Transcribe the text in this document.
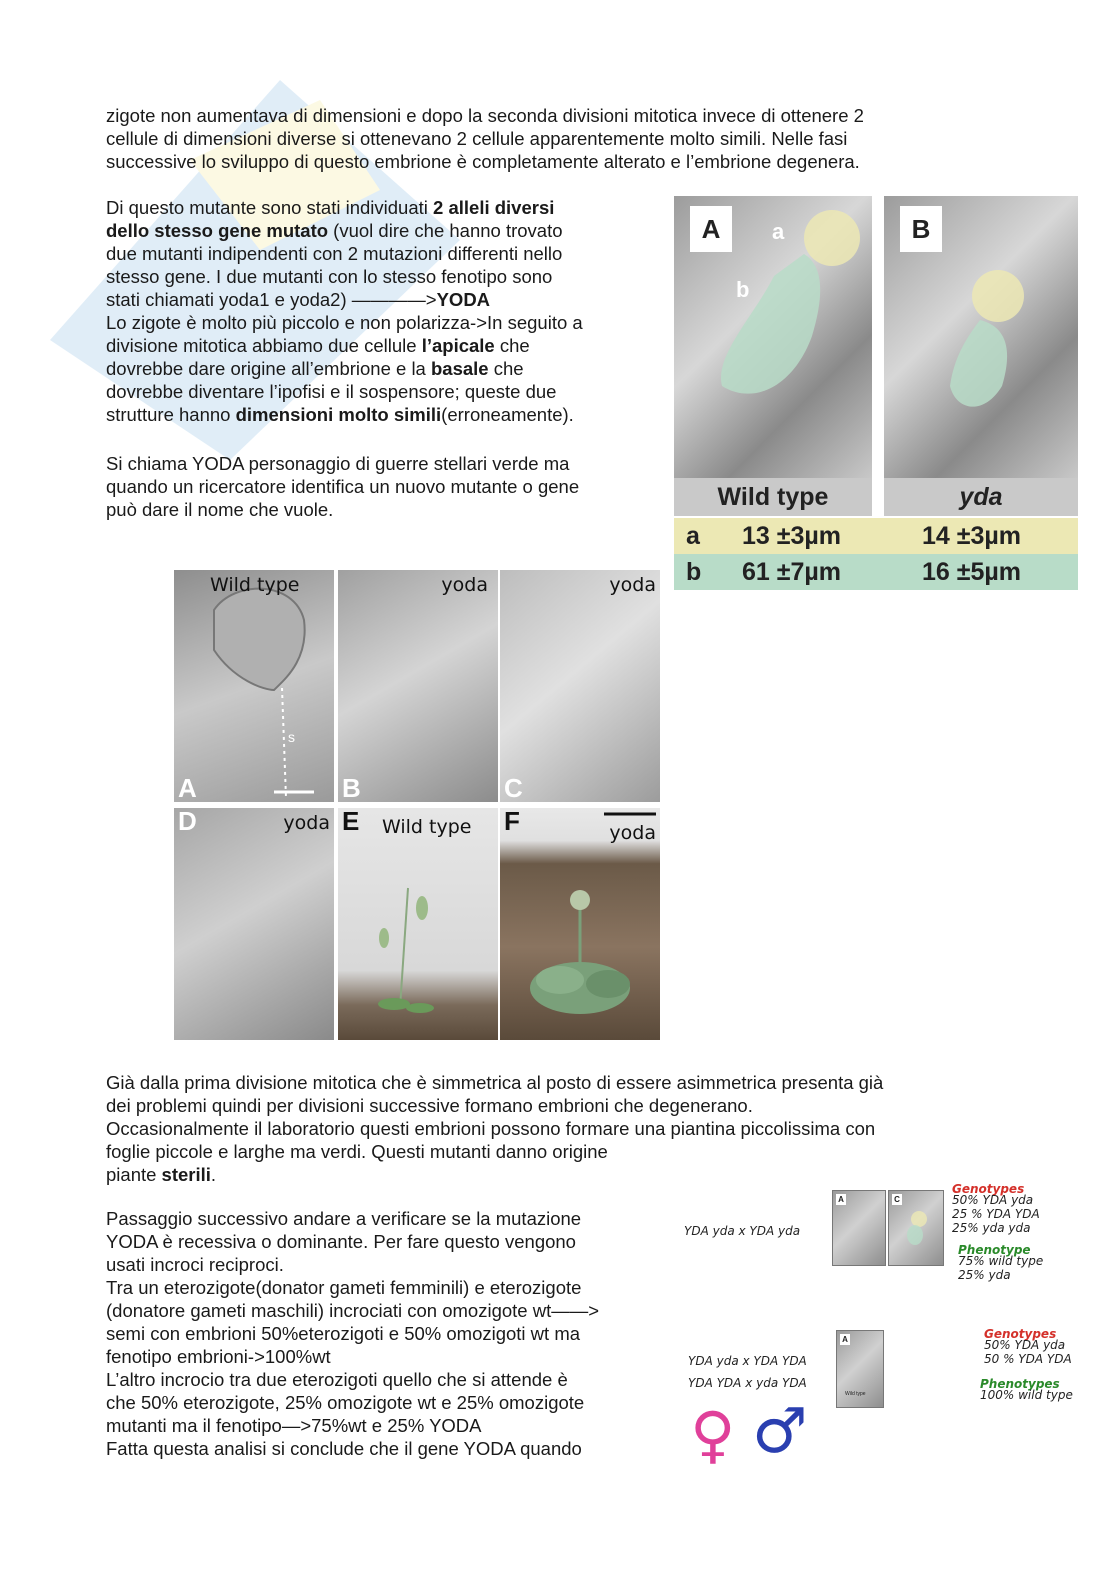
zigote non aumentava di dimensioni e dopo la seconda divisioni mitotica invece di ottenere 2
cellule di dimensioni diverse si ottenevano 2 cellule apparentemente molto simili. Nelle fasi
successive lo sviluppo di questo embrione è completamente alterato e l’embrione degenera.

Di questo mutante sono stati individuati 2 alleli diversi
dello stesso gene mutato (vuol dire che hanno trovato
due mutanti indipendenti con 2 mutazioni differenti nello
stesso gene. I due mutanti con lo stesso fenotipo sono
stati chiamati yoda1 e yoda2) ————>YODA
Lo zigote è molto più piccolo e non polarizza->In seguito a
divisione mitotica abbiamo due cellule l’apicale che
dovrebbe dare origine all’embrione e la basale che
dovrebbe diventare l’ipofisi e il sospensore; queste due
strutture hanno dimensioni molto simili(erroneamente).

Si chiama YODA personaggio di guerre stellari verde ma
quando un ricercatore identifica un nuovo mutante o gene
può dare il nome che vuole.

A	a
b
B
Wild type	yda
a 13 ±3µm	14 ±3µm
b 61 ±7µm	16 ±5µm
Wild type
s
A
yoda
B
yoda
C
yoda
D	Wild type
E	yoda
F

Già dalla prima divisione mitotica che è simmetrica al posto di essere asimmetrica presenta già
dei problemi quindi per divisioni successive formano embrioni che degenerano.
Occasionalmente il laboratorio questi embrioni possono formare una piantina piccolissima con
foglie piccole e larghe ma verdi. Questi mutanti danno origine
piante sterili.

Passaggio successivo andare a verificare se la mutazione
YODA è recessiva o dominante. Per fare questo vengono
usati incroci reciproci.
Tra un eterozigote(donator gameti femminili) e eterozigote
(donatore gameti maschili) incrociati con omozigote wt——>
semi con embrioni 50%eterozigoti e 50% omozigoti wt ma
fenotipo embrioni->100%wt
L’altro incrocio tra due eterozigoti quello che si attende è
che 50% eterozigote, 25% omozigote wt e 25% omozigote
mutanti ma il fenotipo—>75%wt e 25% YODA
Fatta questa analisi si conclude che il gene YODA quando

YDA yda x YDA yda
A	C
Genotypes
50% YDA yda
25 % YDA YDA
25% yda yda
Phenotype
75% wild type
25% yda
YDA yda x YDA YDA
YDA YDA x yda YDA
A
Wild type
Genotypes
50% YDA yda
50 % YDA YDA
Phenotypes
100% wild type
♀ ♂
